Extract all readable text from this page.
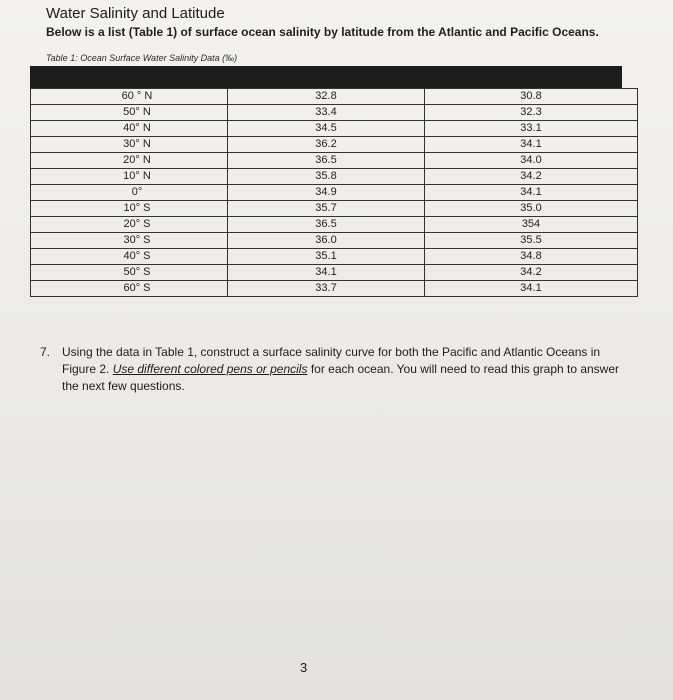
Water Salinity and Latitude
Below is a list (Table 1) of surface ocean salinity by latitude from the Atlantic and Pacific Oceans.
Table 1: Ocean Surface Water Salinity Data (‰)
60 ° N	32.8	30.8
50° N	33.4	32.3
40° N	34.5	33.1
30° N	36.2	34.1
20° N	36.5	34.0
10° N	35.8	34.2
0°	34.9	34.1
10° S	35.7	35.0
20° S	36.5	354
30° S	36.0	35.5
40° S	35.1	34.8
50° S	34.1	34.2
60° S	33.7	34.1
7. Using the data in Table 1, construct a surface salinity curve for both the Pacific and Atlantic Oceans in Figure 2. Use different colored pens or pencils for each ocean. You will need to read this graph to answer the next few questions.
3
